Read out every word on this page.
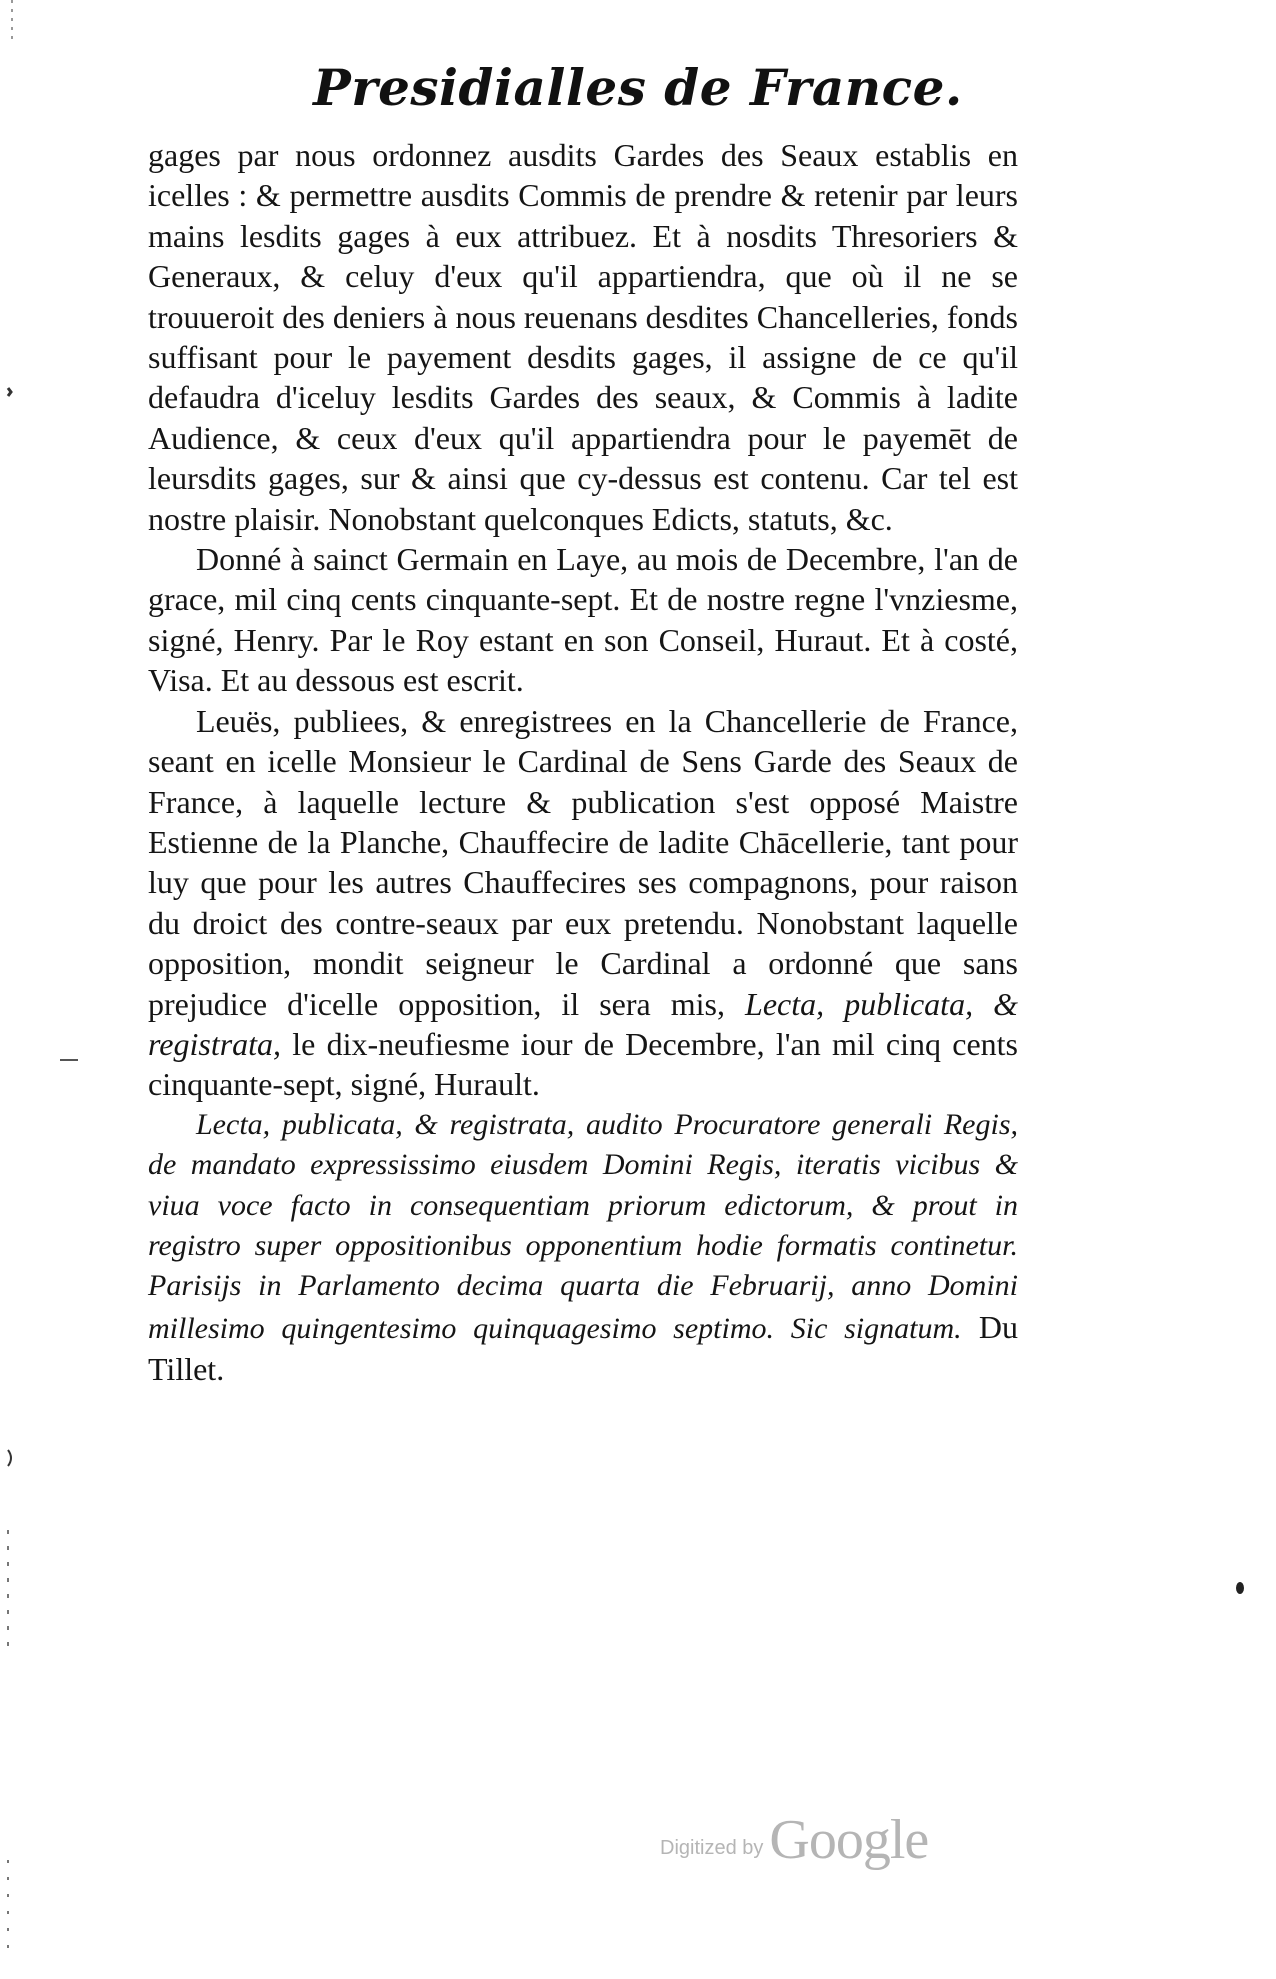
Presidialles de France.

gages par nous ordonnez ausdits Gardes des Seaux establis en icelles : & permettre ausdits Commis de prendre & retenir par leurs mains lesdits gages à eux attribuez. Et à nosdits Thresoriers & Generaux, & celuy d'eux qu'il appartiendra, que où il ne se trouueroit des deniers à nous reuenans desdites Chancelleries, fonds suffisant pour le payement desdits gages, il assigne de ce qu'il defaudra d'iceluy lesdits Gardes des seaux, & Commis à ladite Audience, & ceux d'eux qu'il appartiendra pour le payemēt de leursdits gages, sur & ainsi que cy-dessus est contenu. Car tel est nostre plaisir. Nonobstant quelconques Edicts, statuts, &c.

Donné à sainct Germain en Laye, au mois de Decembre, l'an de grace, mil cinq cents cinquante-sept. Et de nostre regne l'vnziesme, signé, Henry. Par le Roy estant en son Conseil, Huraut. Et à costé, Visa. Et au dessous est escrit.

Leuës, publiees, & enregistrees en la Chancellerie de France, seant en icelle Monsieur le Cardinal de Sens Garde des Seaux de France, à laquelle lecture & publication s'est opposé Maistre Estienne de la Planche, Chauffecire de ladite Chācellerie, tant pour luy que pour les autres Chauffecires ses compagnons, pour raison du droict des contre-seaux par eux pretendu. Nonobstant laquelle opposition, mondit seigneur le Cardinal a ordonné que sans prejudice d'icelle opposition, il sera mis, Lecta, publicata, & registrata, le dix-neufiesme iour de Decembre, l'an mil cinq cents cinquante-sept, signé, Hurault.

Lecta, publicata, & registrata, audito Procuratore generali Regis, de mandato expressissimo eiusdem Domini Regis, iteratis vicibus & viua voce facto in consequentiam priorum edictorum, & prout in registro super oppositionibus opponentium hodie formatis continetur. Parisijs in Parlamento decima quarta die Februarij, anno Domini millesimo quingentesimo quinquagesimo septimo. Sic signatum. Du Tillet.

Digitized by Google
